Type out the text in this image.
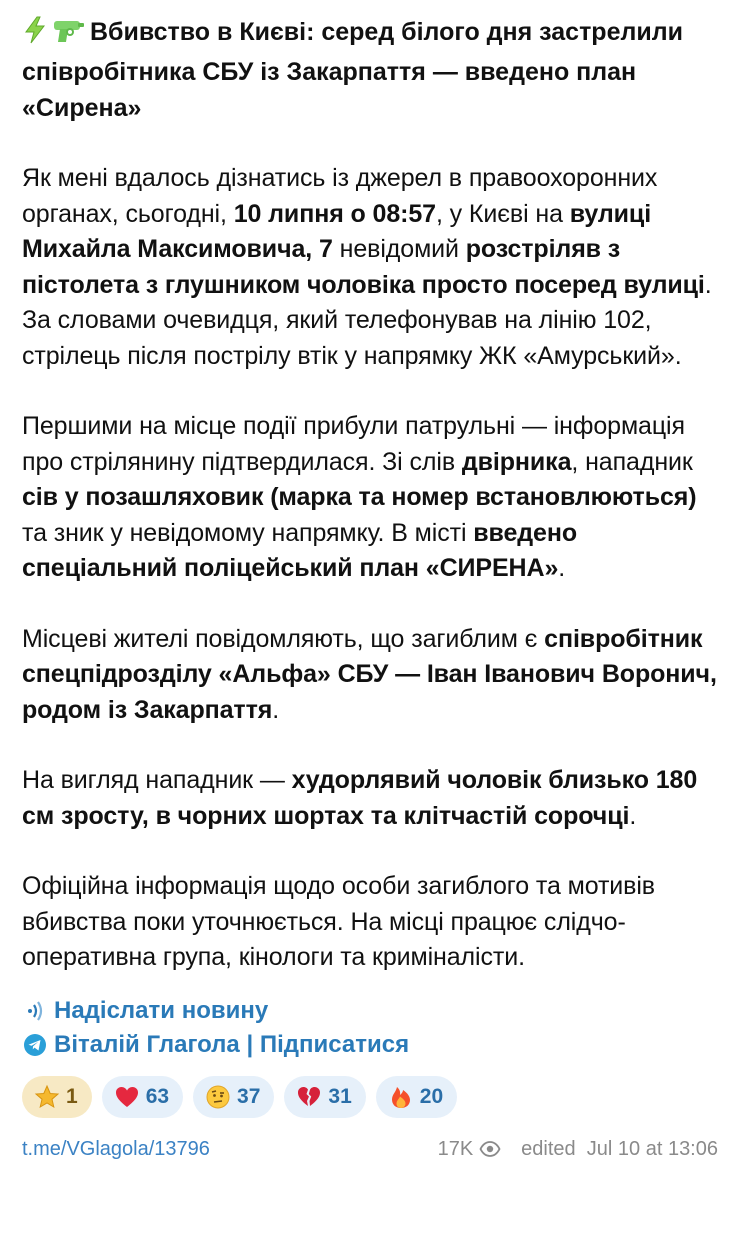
Вбивство в Києві: серед білого дня застрелили співробітника СБУ із Закарпаття — введено план «Сирена»

Як мені вдалось дізнатись із джерел в правоохоронних органах, сьогодні, 10 липня о 08:57, у Києві на вулиці Михайла Максимовича, 7 невідомий розстріляв з пістолета з глушником чоловіка просто посеред вулиці. За словами очевидця, який телефонував на лінію 102, стрілець після пострілу втік у напрямку ЖК «Амурський».

Першими на місце події прибули патрульні — інформація про стрілянину підтвердилася. Зі слів двірника, нападник сів у позашляховик (марка та номер встановлюються) та зник у невідомому напрямку. В місті введено спеціальний поліцейський план «СИРЕНА».

Місцеві жителі повідомляють, що загиблим є співробітник спецпідрозділу «Альфа» СБУ — Іван Іванович Воронич, родом із Закарпаття.

На вигляд нападник — худорлявий чоловік близько 180 см зросту, в чорних шортах та клітчастій сорочці.

Офіційна інформація щодо особи загиблого та мотивів вбивства поки уточнюється. На місці працює слідчо-оперативна група, кінологи та криміналісти.

Надіслати новину
Віталій Глагола | Підписатися
1	63	37	31	20
t.me/VGlagola/13796	17K edited  Jul 10 at 13:06
